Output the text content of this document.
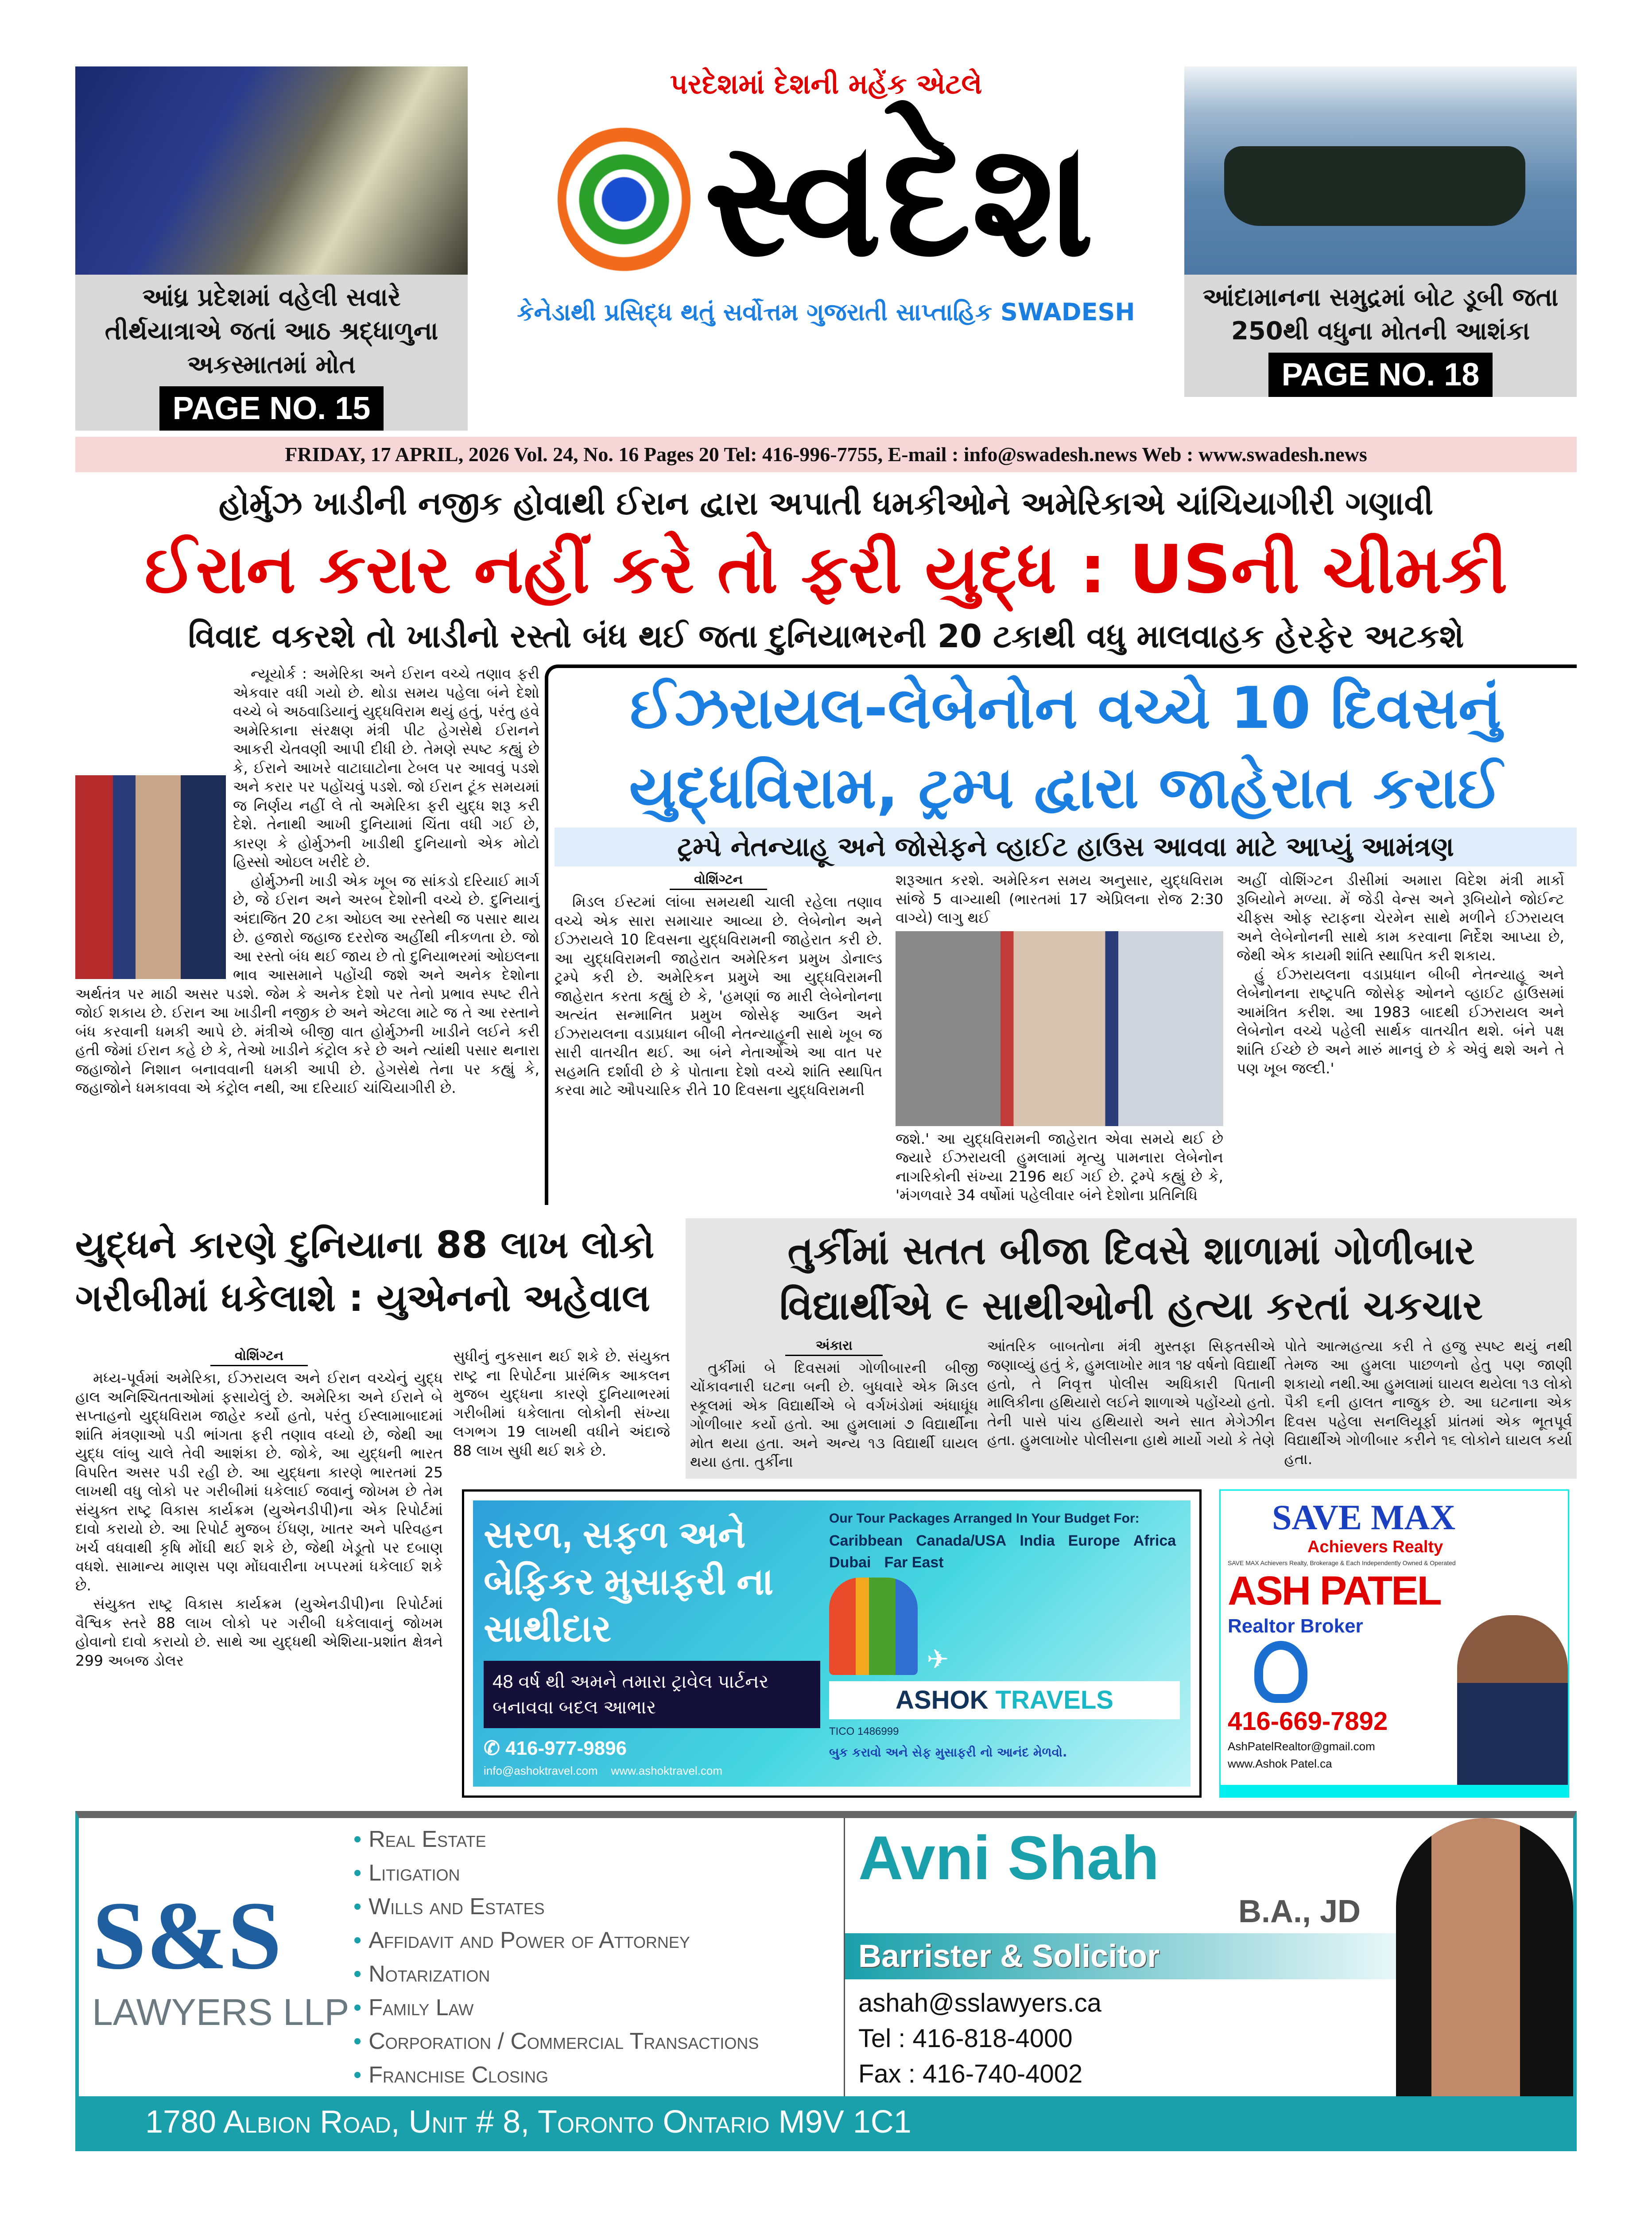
આંધ્ર પ્રદેશમાં વહેલી સવારે તીર્થયાત્રાએ જતાં આઠ શ્રદ્ધાળુના અકસ્માતમાં મોત
PAGE NO. 15
પરદેશમાં દેશની મહેંક એટલે
સ્વદેશ
કેનેડાથી પ્રસિદ્ધ થતું સર્વોત્તમ ગુજરાતી સાપ્તાહિક SWADESH
આંદામાનના સમુદ્રમાં બોટ ડૂબી જતા 250થી વધુના મોતની આશંકા
PAGE NO. 18
FRIDAY, 17 APRIL, 2026 Vol. 24, No. 16 Pages 20 Tel: 416-996-7755, E-mail : info@swadesh.news Web : www.swadesh.news
હોર્મુઝ ખાડીની નજીક હોવાથી ઈરાન દ્વારા અપાતી ધમકીઓને અમેરિકાએ ચાંચિયાગીરી ગણાવી
ઈરાન કરાર નહીં કરે તો ફરી યુદ્ધ : USની ચીમકી
વિવાદ વકરશે તો ખાડીનો રસ્તો બંધ થઈ જતા દુનિયાભરની 20 ટકાથી વધુ માલવાહક હેરફેર અટકશે

ન્યૂયોર્ક : અમેરિકા અને ઈરાન વચ્ચે તણાવ ફરી એકવાર વધી ગયો છે. થોડા સમય પહેલા બંને દેશો વચ્ચે બે અઠવાડિયાનું યુદ્ધવિરામ થયું હતું, પરંતુ હવે અમેરિકાના સંરક્ષણ મંત્રી પીટ હેગસેથે ઈરાનને આકરી ચેતવણી આપી દીધી છે. તેમણે સ્પષ્ટ કહ્યું છે કે, ઈરાને આખરે વાટાઘાટોના ટેબલ પર આવવું પડશે અને કરાર પર પહોંચવું પડશે. જો ઈરાન ટૂંક સમયમાં જ નિર્ણય નહીં લે તો અમેરિકા ફરી યુદ્ધ શરૂ કરી દેશે. તેનાથી આખી દુનિયામાં ચિંતા વધી ગઈ છે, કારણ કે હોર્મુઝની ખાડીથી દુનિયાનો એક મોટો હિસ્સો ઓઇલ ખરીદે છે.

હોર્મુઝની ખાડી એક ખૂબ જ સાંકડો દરિયાઈ માર્ગ છે, જે ઈરાન અને અરબ દેશોની વચ્ચે છે. દુનિયાનું અંદાજિત 20 ટકા ઓઇલ આ રસ્તેથી જ પસાર થાય છે. હજારો જહાજ દરરોજ અહીંથી નીકળતા છે. જો આ રસ્તો બંધ થઈ જાય છે તો દુનિયાભરમાં ઓઇલના ભાવ આસમાને પહોંચી જશે અને અનેક દેશોના અર્થતંત્ર પર માઠી અસર પડશે. જેમ કે અનેક દેશો પર તેનો પ્રભાવ સ્પષ્ટ રીતે જોઈ શકાય છે. ઈરાન આ ખાડીની નજીક છે અને એટલા માટે જ તે આ રસ્તાને બંધ કરવાની ધમકી આપે છે. મંત્રીએ બીજી વાત હોર્મુઝની ખાડીને લઈને કરી હતી જેમાં ઈરાન કહે છે કે, તેઓ ખાડીને કંટ્રોલ કરે છે અને ત્યાંથી પસાર થનારા જહાજોને નિશાન બનાવવાની ધમકી આપી છે. હેગસેથે તેના પર કહ્યું કે, જહાજોને ધમકાવવા એ કંટ્રોલ નથી, આ દરિયાઈ ચાંચિયાગીરી છે.

ઈઝરાયલ-લેબેનોન વચ્ચે 10 દિવસનું
યુદ્ધવિરામ, ટ્રમ્પ દ્વારા જાહેરાત કરાઈ
ટ્રમ્પે નેતન્યાહૂ અને જોસેફને વ્હાઈટ હાઉસ આવવા માટે આપ્યું આમંત્રણ
વોશિંગ્ટન

મિડલ ઈસ્ટમાં લાંબા સમયથી ચાલી રહેલા તણાવ વચ્ચે એક સારા સમાચાર આવ્યા છે. લેબેનોન અને ઈઝરાયલે 10 દિવસના યુદ્ધવિરામની જાહેરાત કરી છે. આ યુદ્ધવિરામની જાહેરાત અમેરિકન પ્રમુખ ડોનાલ્ડ ટ્રમ્પે કરી છે. અમેરિકન પ્રમુખે આ યુદ્ધવિરામની જાહેરાત કરતા કહ્યું છે કે, 'હમણાં જ મારી લેબેનોનના અત્યંત સન્માનિત પ્રમુખ જોસેફ આઉન અને ઈઝરાયલના વડાપ્રધાન બીબી નેતન્યાહૂની સાથે ખૂબ જ સારી વાતચીત થઈ. આ બંને નેતાઓએ આ વાત પર સહમતિ દર્શાવી છે કે પોતાના દેશો વચ્ચે શાંતિ સ્થાપિત કરવા માટે ઔપચારિક રીતે 10 દિવસના યુદ્ધવિરામની

શરૂઆત કરશે. અમેરિકન સમય અનુસાર, યુદ્ધવિરામ સાંજે 5 વાગ્યાથી (ભારતમાં 17 એપ્રિલના રોજ 2:30 વાગ્યે) લાગુ થઈ

જશે.' આ યુદ્ધવિરામની જાહેરાત એવા સમયે થઈ છે જ્યારે ઈઝરાયલી હુમલામાં મૃત્યુ પામનારા લેબેનોન નાગરિકોની સંખ્યા 2196 થઈ ગઈ છે. ટ્રમ્પે કહ્યું છે કે, 'મંગળવારે 34 વર્ષોમાં પહેલીવાર બંને દેશોના પ્રતિનિધિ

અહીં વોશિંગ્ટન ડીસીમાં અમારા વિદેશ મંત્રી માર્કો રૂબિયોને મળ્યા. મેં જેડી વેન્સ અને રૂબિયોને જોઈન્ટ ચીફ્સ ઓફ સ્ટાફના ચેરમેન સાથે મળીને ઈઝરાયલ અને લેબેનોનની સાથે કામ કરવાના નિર્દેશ આપ્યા છે, જેથી એક કાયમી શાંતિ સ્થાપિત કરી શકાય.

હું ઈઝરાયલના વડાપ્રધાન બીબી નેતન્યાહૂ અને લેબેનોનના રાષ્ટ્રપતિ જોસેફ ઓનને વ્હાઈટ હાઉસમાં આમંત્રિત કરીશ. આ 1983 બાદથી ઈઝરાયલ અને લેબેનોન વચ્ચે પહેલી સાર્થક વાતચીત થશે. બંને પક્ષ શાંતિ ઈચ્છે છે અને મારું માનવું છે કે એવું થશે અને તે પણ ખૂબ જલ્દી.'

યુદ્ધને કારણે દુનિયાના 88 લાખ લોકો
ગરીબીમાં ધકેલાશે : યુએનનો અહેવાલ
વોશિંગ્ટન

મધ્ય-પૂર્વમાં અમેરિકા, ઈઝરાયલ અને ઈરાન વચ્ચેનું યુદ્ધ હાલ અનિશ્ચિતતાઓમાં ફસાયેલું છે. અમેરિકા અને ઈરાને બે સપ્તાહનો યુદ્ધવિરામ જાહેર કર્યો હતો, પરંતુ ઈસ્લામાબાદમાં શાંતિ મંત્રણાઓ પડી ભાંગતા ફરી તણાવ વધ્યો છે, જેથી આ યુદ્ધ લાંબુ ચાલે તેવી આશંકા છે. જોકે, આ યુદ્ધની ભારત વિપરિત અસર પડી રહી છે. આ યુદ્ધના કારણે ભારતમાં 25 લાખથી વધુ લોકો પર ગરીબીમાં ધકેલાઈ જવાનું જોખમ છે તેમ સંયુક્ત રાષ્ટ્ર વિકાસ કાર્યક્રમ (યુએનડીપી)ના એક રિપોર્ટમાં દાવો કરાયો છે. આ રિપોર્ટ મુજબ ઈંધણ, ખાતર અને પરિવહન ખર્ચ વધવાથી કૃષિ મોંઘી થઈ શકે છે, જેથી ખેડૂતો પર દબાણ વધશે. સામાન્ય માણસ પણ મોંઘવારીના ખપ્પરમાં ધકેલાઈ શકે છે.

સંયુક્ત રાષ્ટ્ર વિકાસ કાર્યક્રમ (યુએનડીપી)ના રિપોર્ટમાં વૈશ્વિક સ્તરે 88 લાખ લોકો પર ગરીબી ધકેલાવાનું જોખમ હોવાનો દાવો કરાયો છે. સાથે આ યુદ્ધથી એશિયા-પ્રશાંત ક્ષેત્રને 299 અબજ ડોલર

સુધીનું નુકસાન થઈ શકે છે. સંયુક્ત રાષ્ટ્ર ના રિપોર્ટના પ્રારંભિક આકલન મુજબ યુદ્ધના કારણે દુનિયાભરમાં ગરીબીમાં ધકેલાતા લોકોની સંખ્યા લગભગ 19 લાખથી વધીને અંદાજે 88 લાખ સુધી થઈ શકે છે.

તુર્કીમાં સતત બીજા દિવસે શાળામાં ગોળીબાર
વિદ્યાર્થીએ ૯ સાથીઓની હત્યા કરતાં ચકચાર
અંકારા

તુર્કીમાં બે દિવસમાં ગોળીબારની બીજી ચોંકાવનારી ઘટના બની છે. બુધવારે એક મિડલ સ્કૂલમાં એક વિદ્યાર્થીએ બે વર્ગખંડોમાં અંધાધૂંધ ગોળીબાર કર્યો હતો. આ હુમલામાં ૭ વિદ્યાર્થીના મોત થયા હતા. અને અન્ય ૧૩ વિદ્યાર્થી ઘાયલ થયા હતા. તુર્કીના

આંતરિક બાબતોના મંત્રી મુસ્તફા સિફતસીએ જણાવ્યું હતું કે, હુમલાખોર માત્ર ૧૪ વર્ષનો વિદ્યાર્થી હતો, તે નિવૃત્ત પોલીસ અધિકારી પિતાની માલિકીના હથિયારો લઈને શાળાએ પહોંચ્યો હતો. તેની પાસે પાંચ હથિયારો અને સાત મેગેઝીન હતા. હુમલાખોર પોલીસના હાથે માર્યો ગયો કે તેણે

પોતે આત્મહત્યા કરી તે હજુ સ્પષ્ટ થયું નથી તેમજ આ હુમલા પાછળનો હેતુ પણ જાણી શકાયો નથી.આ હુમલામાં ઘાયલ થયેલા ૧૩ લોકો પૈકી ૬ની હાલત નાજુક છે. આ ઘટનાના એક દિવસ પહેલા સનલિયૂર્ફા પ્રાંતમાં એક ભૂતપૂર્વ વિદ્યાર્થીએ ગોળીબાર કરીને ૧૬ લોકોને ઘાયલ કર્યા હતા.

સરળ, સફળ અને બેફિકર મુસાફરી ના સાથીદાર
48 વર્ષ થી અમને તમારા ટ્રાવેલ પાર્ટનર બનાવવા બદલ આભાર
✆ 416-977-9896
info@ashoktravel.com www.ashoktravel.com
Our Tour Packages Arranged In Your Budget For:
Caribbean Canada/USA India Europe Africa
Dubai Far East
✈
ASHOK TRAVELS
TICO 1486999
બુક કરાવો અને સેફ મુસાફરી નો આનંદ મેળવો.
SAVE MAX
Achievers Realty
SAVE MAX Achievers Realty, Brokerage & Each Independently Owned & Operated
ASH PATEL
Realtor Broker
416-669-7892
AshPatelRealtor@gmail.com
www.Ashok Patel.ca
S&S
LAWYERS LLP
• Real Estate
• Litigation
• Wills and Estates
• Affidavit and Power of Attorney
• Notarization
• Family Law
• Corporation / Commercial Transactions
• Franchise Closing
Avni Shah
B.A., JD
Barrister & Solicitor
ashah@sslawyers.ca
Tel : 416-818-4000
Fax : 416-740-4002
1780 Albion Road, Unit # 8, Toronto Ontario M9V 1C1
